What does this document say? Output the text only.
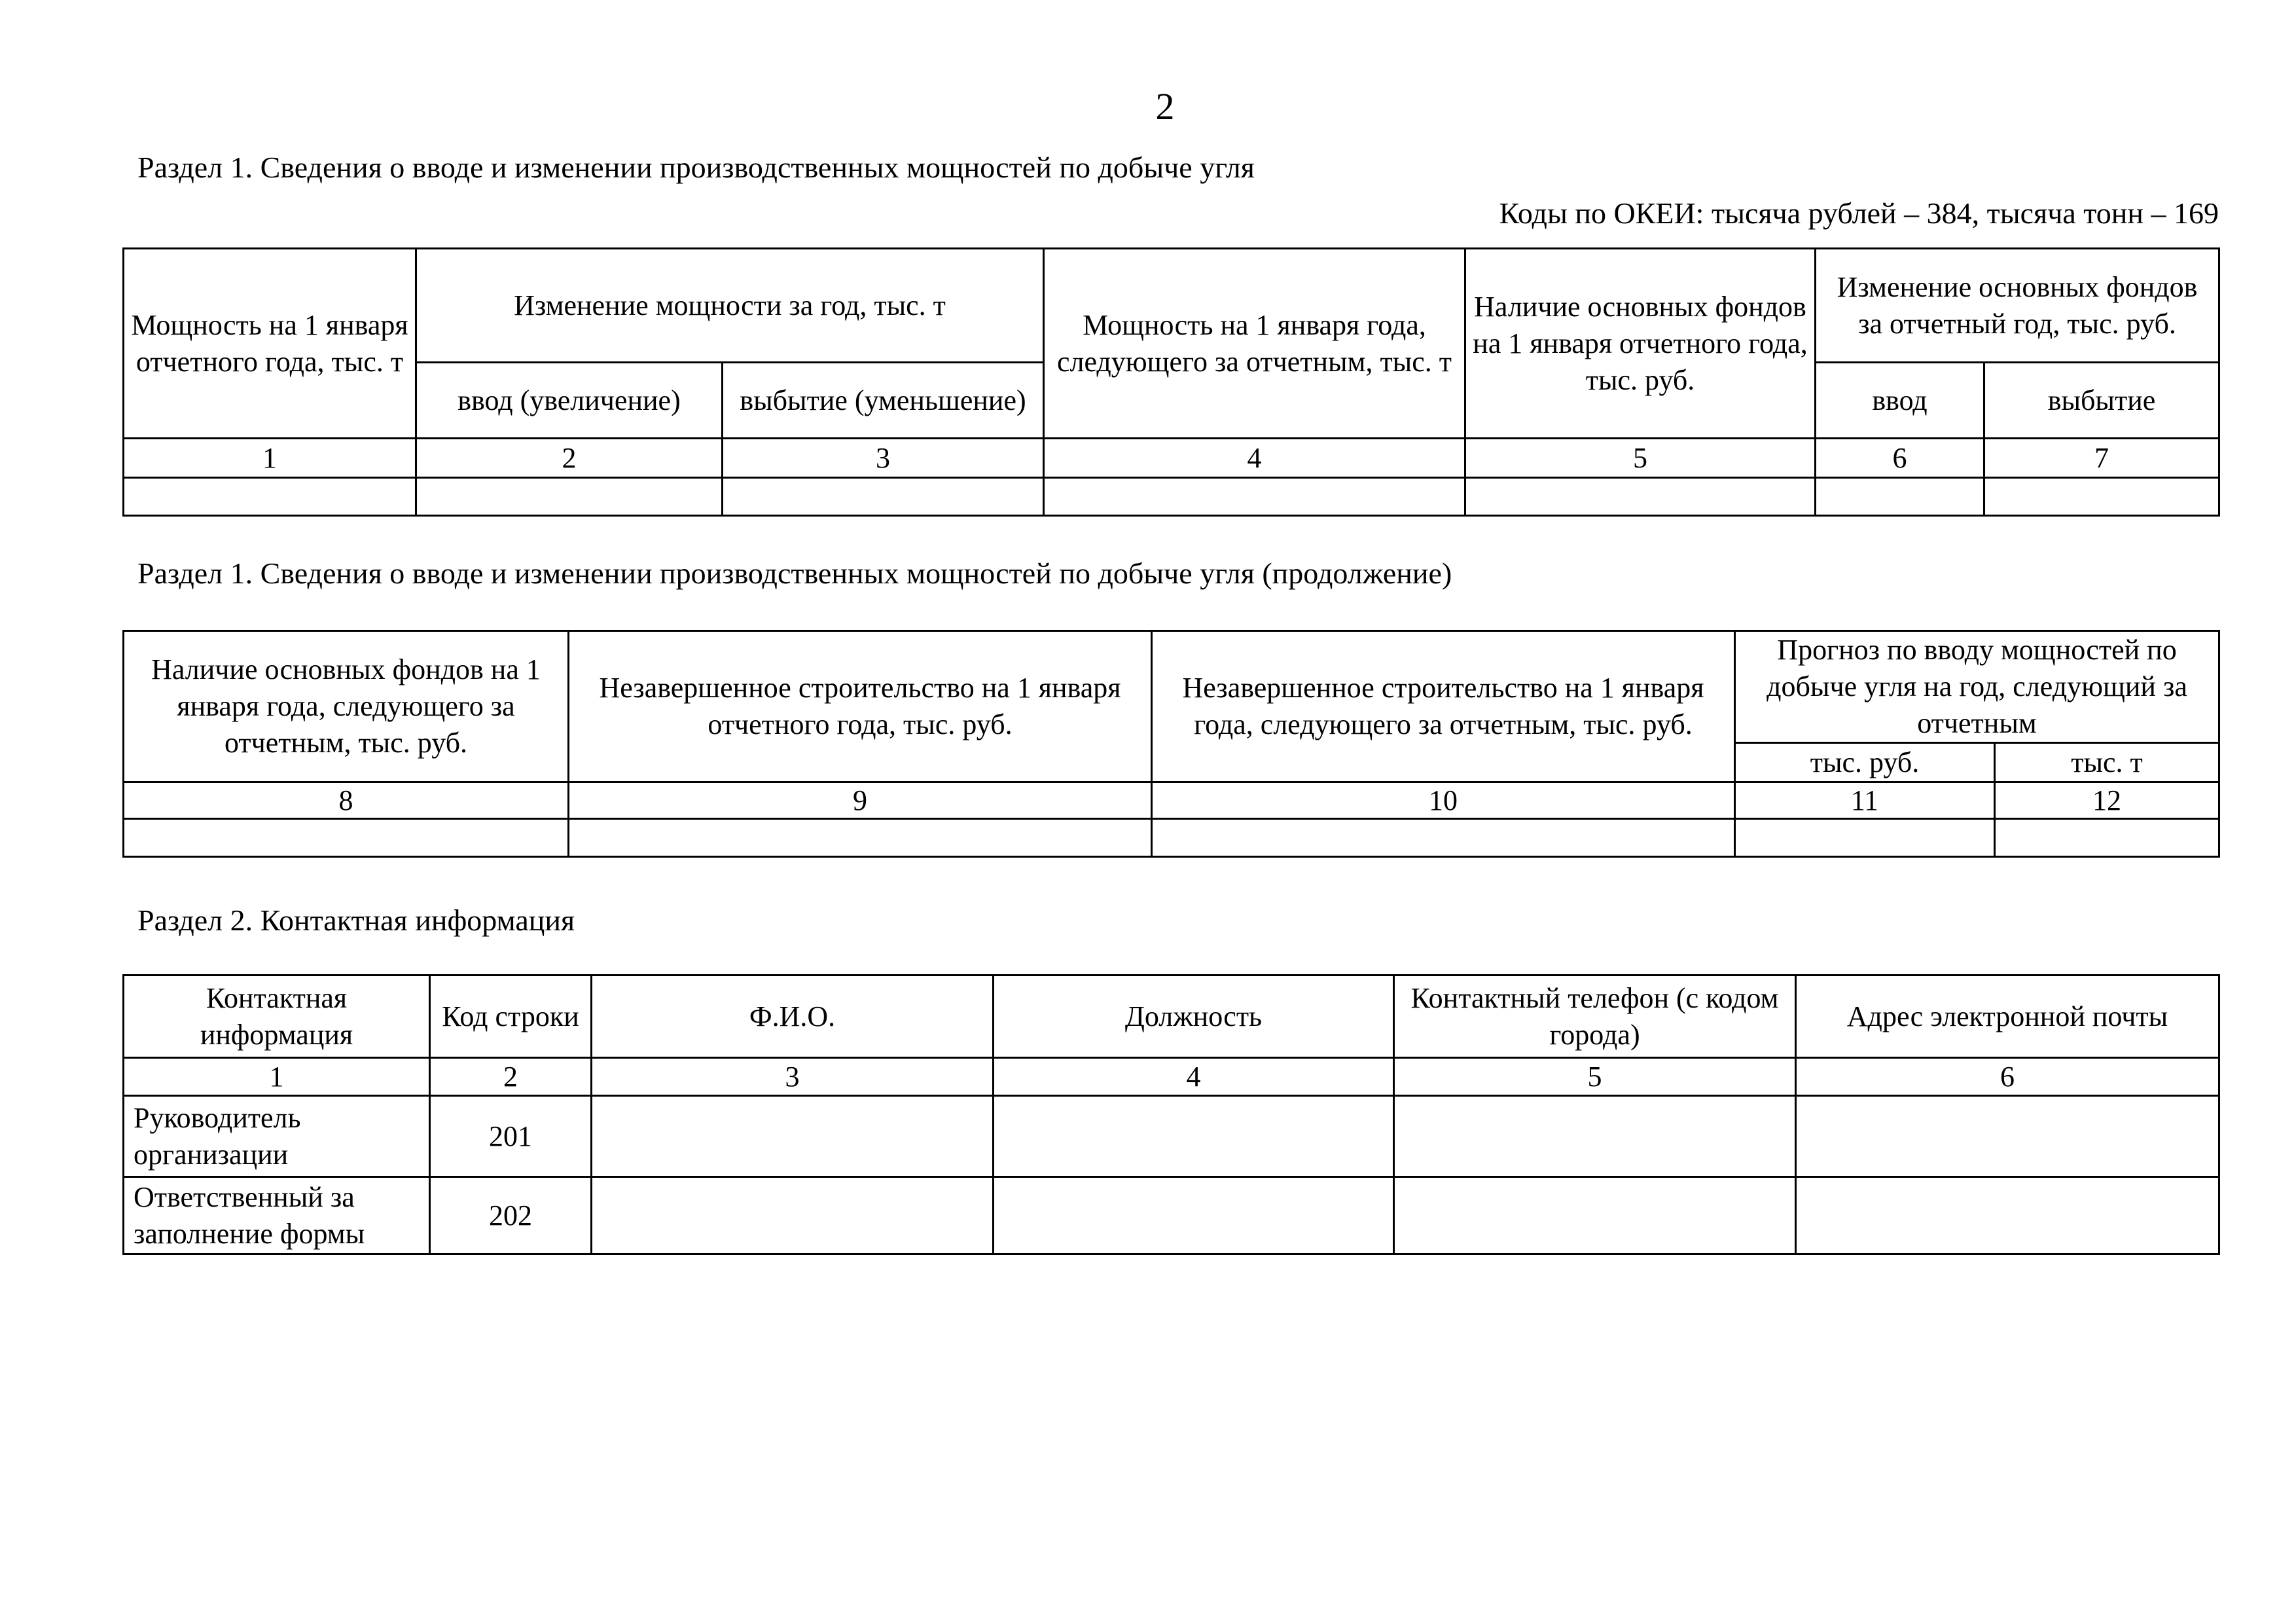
2
Раздел 1. Сведения о вводе и изменении производственных мощностей по добыче угля
Коды по ОКЕИ: тысяча рублей – 384, тысяча тонн – 169
Мощность на 1 января отчетного года, тыс. т	Изменение мощности за год, тыс. т		Мощность на 1 января года, следующего за отчетным, тыс. т	Наличие основных фондов на 1 января отчетного года, тыс. руб.	Изменение основных фондов за отчетный год, тыс. руб.	
	ввод (увеличение)	выбытие (уменьшение)			ввод	выбытие
1	2	3	4	5	6	7

Раздел 1. Сведения о вводе и изменении производственных мощностей по добыче угля (продолжение)
Наличие основных фондов на 1 января года, следующего за отчетным, тыс. руб.	Незавершенное строительство на 1 января отчетного года, тыс. руб.	Незавершенное строительство на 1 января года, следующего за отчетным, тыс. руб.	Прогноз по вводу мощностей по добыче угля на год, следующий за отчетным	
			тыс. руб.	тыс. т
8	9	10	11	12

Раздел 2. Контактная информация
Контактная информация	Код строки	Ф.И.О.	Должность	Контактный телефон (с кодом города)	Адрес электронной почты
1	2	3	4	5	6
Руководитель организации	201				
Ответственный за заполнение формы	202				
